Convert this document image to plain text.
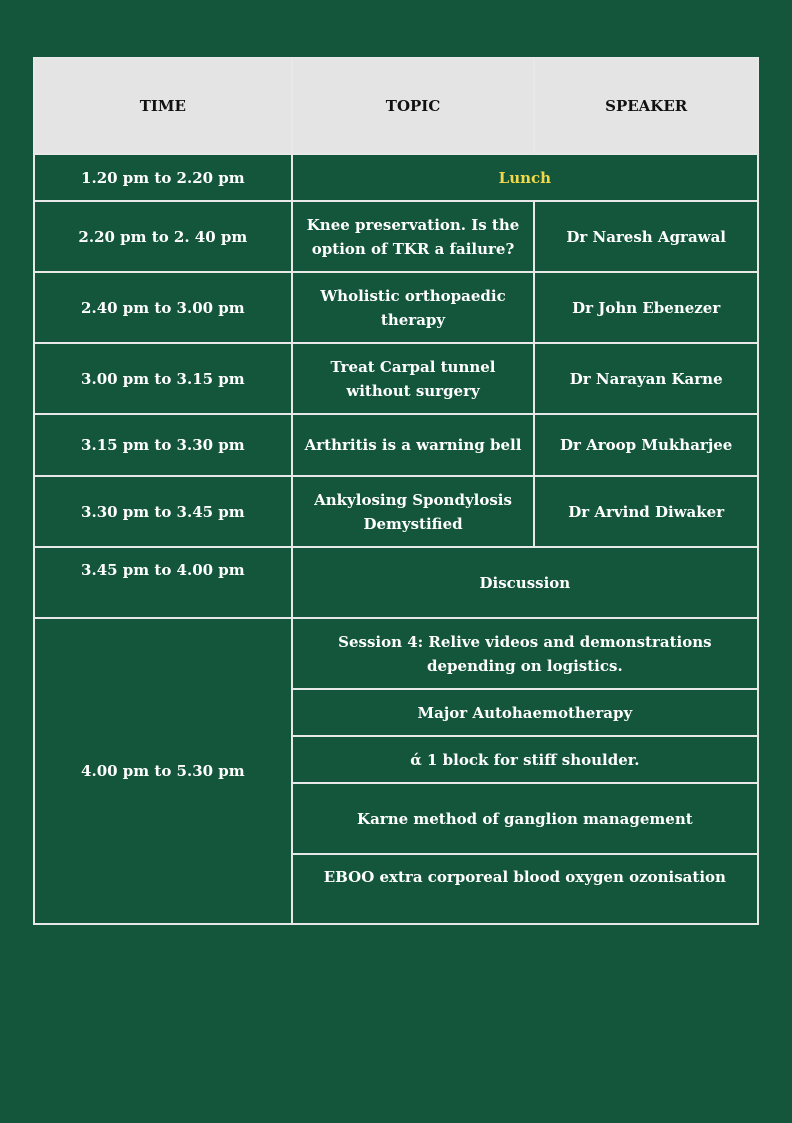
TIME	TOPIC	SPEAKER
1.20 pm to 2.20 pm	Lunch	
2.20 pm to 2. 40 pm	Knee preservation. Is the option of TKR a failure?	Dr Naresh Agrawal
2.40 pm to 3.00 pm	Wholistic orthopaedic therapy	Dr John Ebenezer
3.00 pm to 3.15 pm	Treat Carpal tunnel without surgery	Dr Narayan Karne
3.15 pm to 3.30 pm	Arthritis is a warning bell	Dr Aroop Mukharjee
3.30 pm to 3.45 pm	Ankylosing Spondylosis Demystified	Dr Arvind Diwaker
3.45 pm to 4.00 pm	Discussion	
4.00 pm to 5.30 pm	Session 4: Relive videos and demonstrations depending on logistics.	
	Major Autohaemotherapy	
	ά 1 block for stiff shoulder.	
	Karne method of ganglion management	
	EBOO extra corporeal blood oxygen ozonisation	
